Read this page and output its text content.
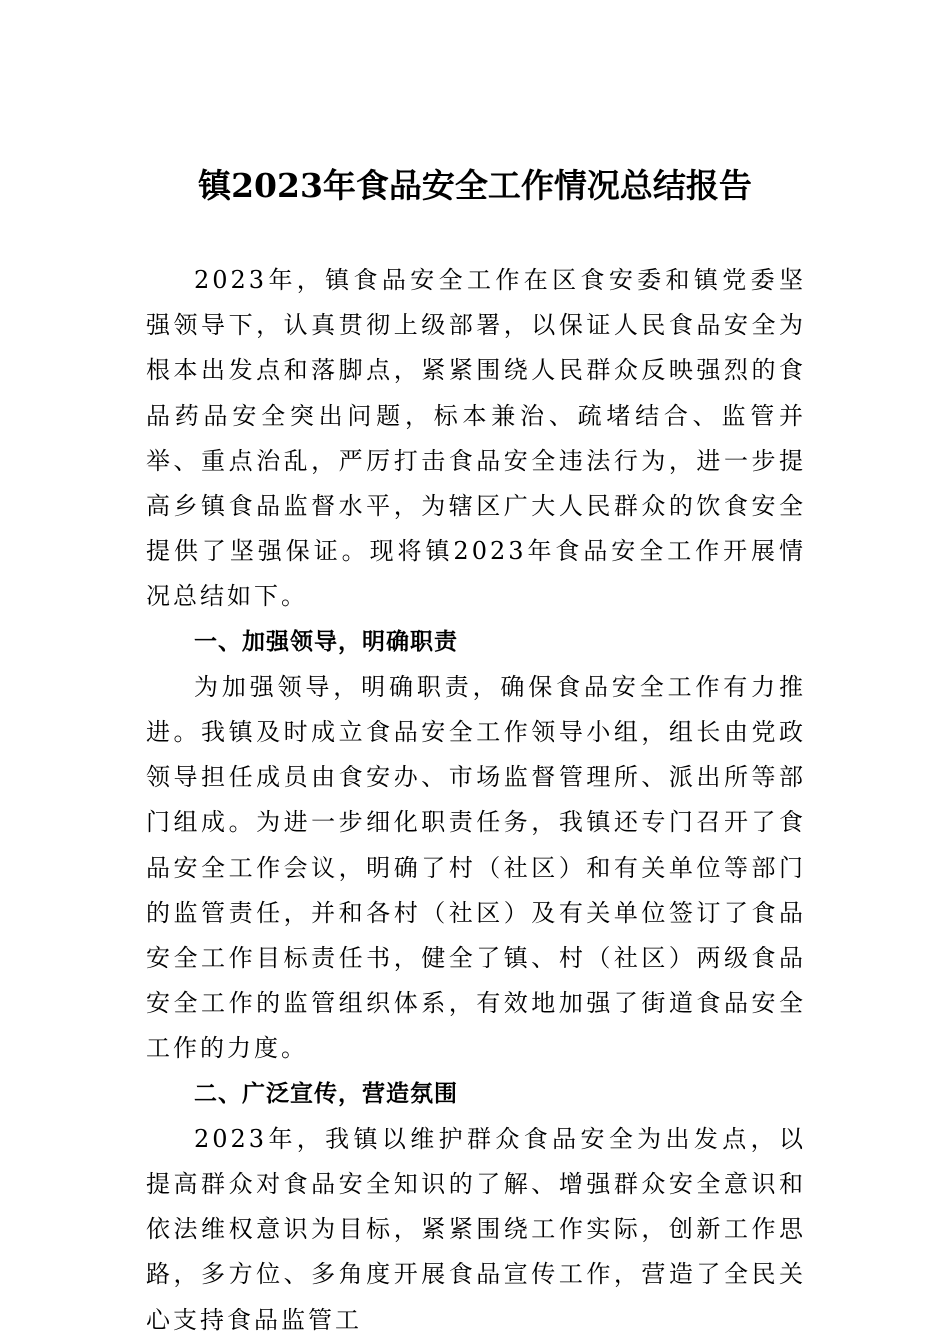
镇2023年食品安全工作情况总结报告

2023年，镇食品安全工作在区食安委和镇党委坚强领导下，认真贯彻上级部署，以保证人民食品安全为根本出发点和落脚点，紧紧围绕人民群众反映强烈的食品药品安全突出问题，标本兼治、疏堵结合、监管并举、重点治乱，严厉打击食品安全违法行为，进一步提高乡镇食品监督水平，为辖区广大人民群众的饮食安全提供了坚强保证。现将镇2023年食品安全工作开展情况总结如下。

一、加强领导，明确职责

为加强领导，明确职责，确保食品安全工作有力推进。我镇及时成立食品安全工作领导小组，组长由党政领导担任成员由食安办、市场监督管理所、派出所等部门组成。为进一步细化职责任务，我镇还专门召开了食品安全工作会议，明确了村（社区）和有关单位等部门的监管责任，并和各村（社区）及有关单位签订了食品安全工作目标责任书，健全了镇、村（社区）两级食品安全工作的监管组织体系，有效地加强了街道食品安全工作的力度。

二、广泛宣传，营造氛围

2023年，我镇以维护群众食品安全为出发点，以提高群众对食品安全知识的了解、增强群众安全意识和依法维权意识为目标，紧紧围绕工作实际，创新工作思路，多方位、多角度开展食品宣传工作，营造了全民关心支持食品监管工
